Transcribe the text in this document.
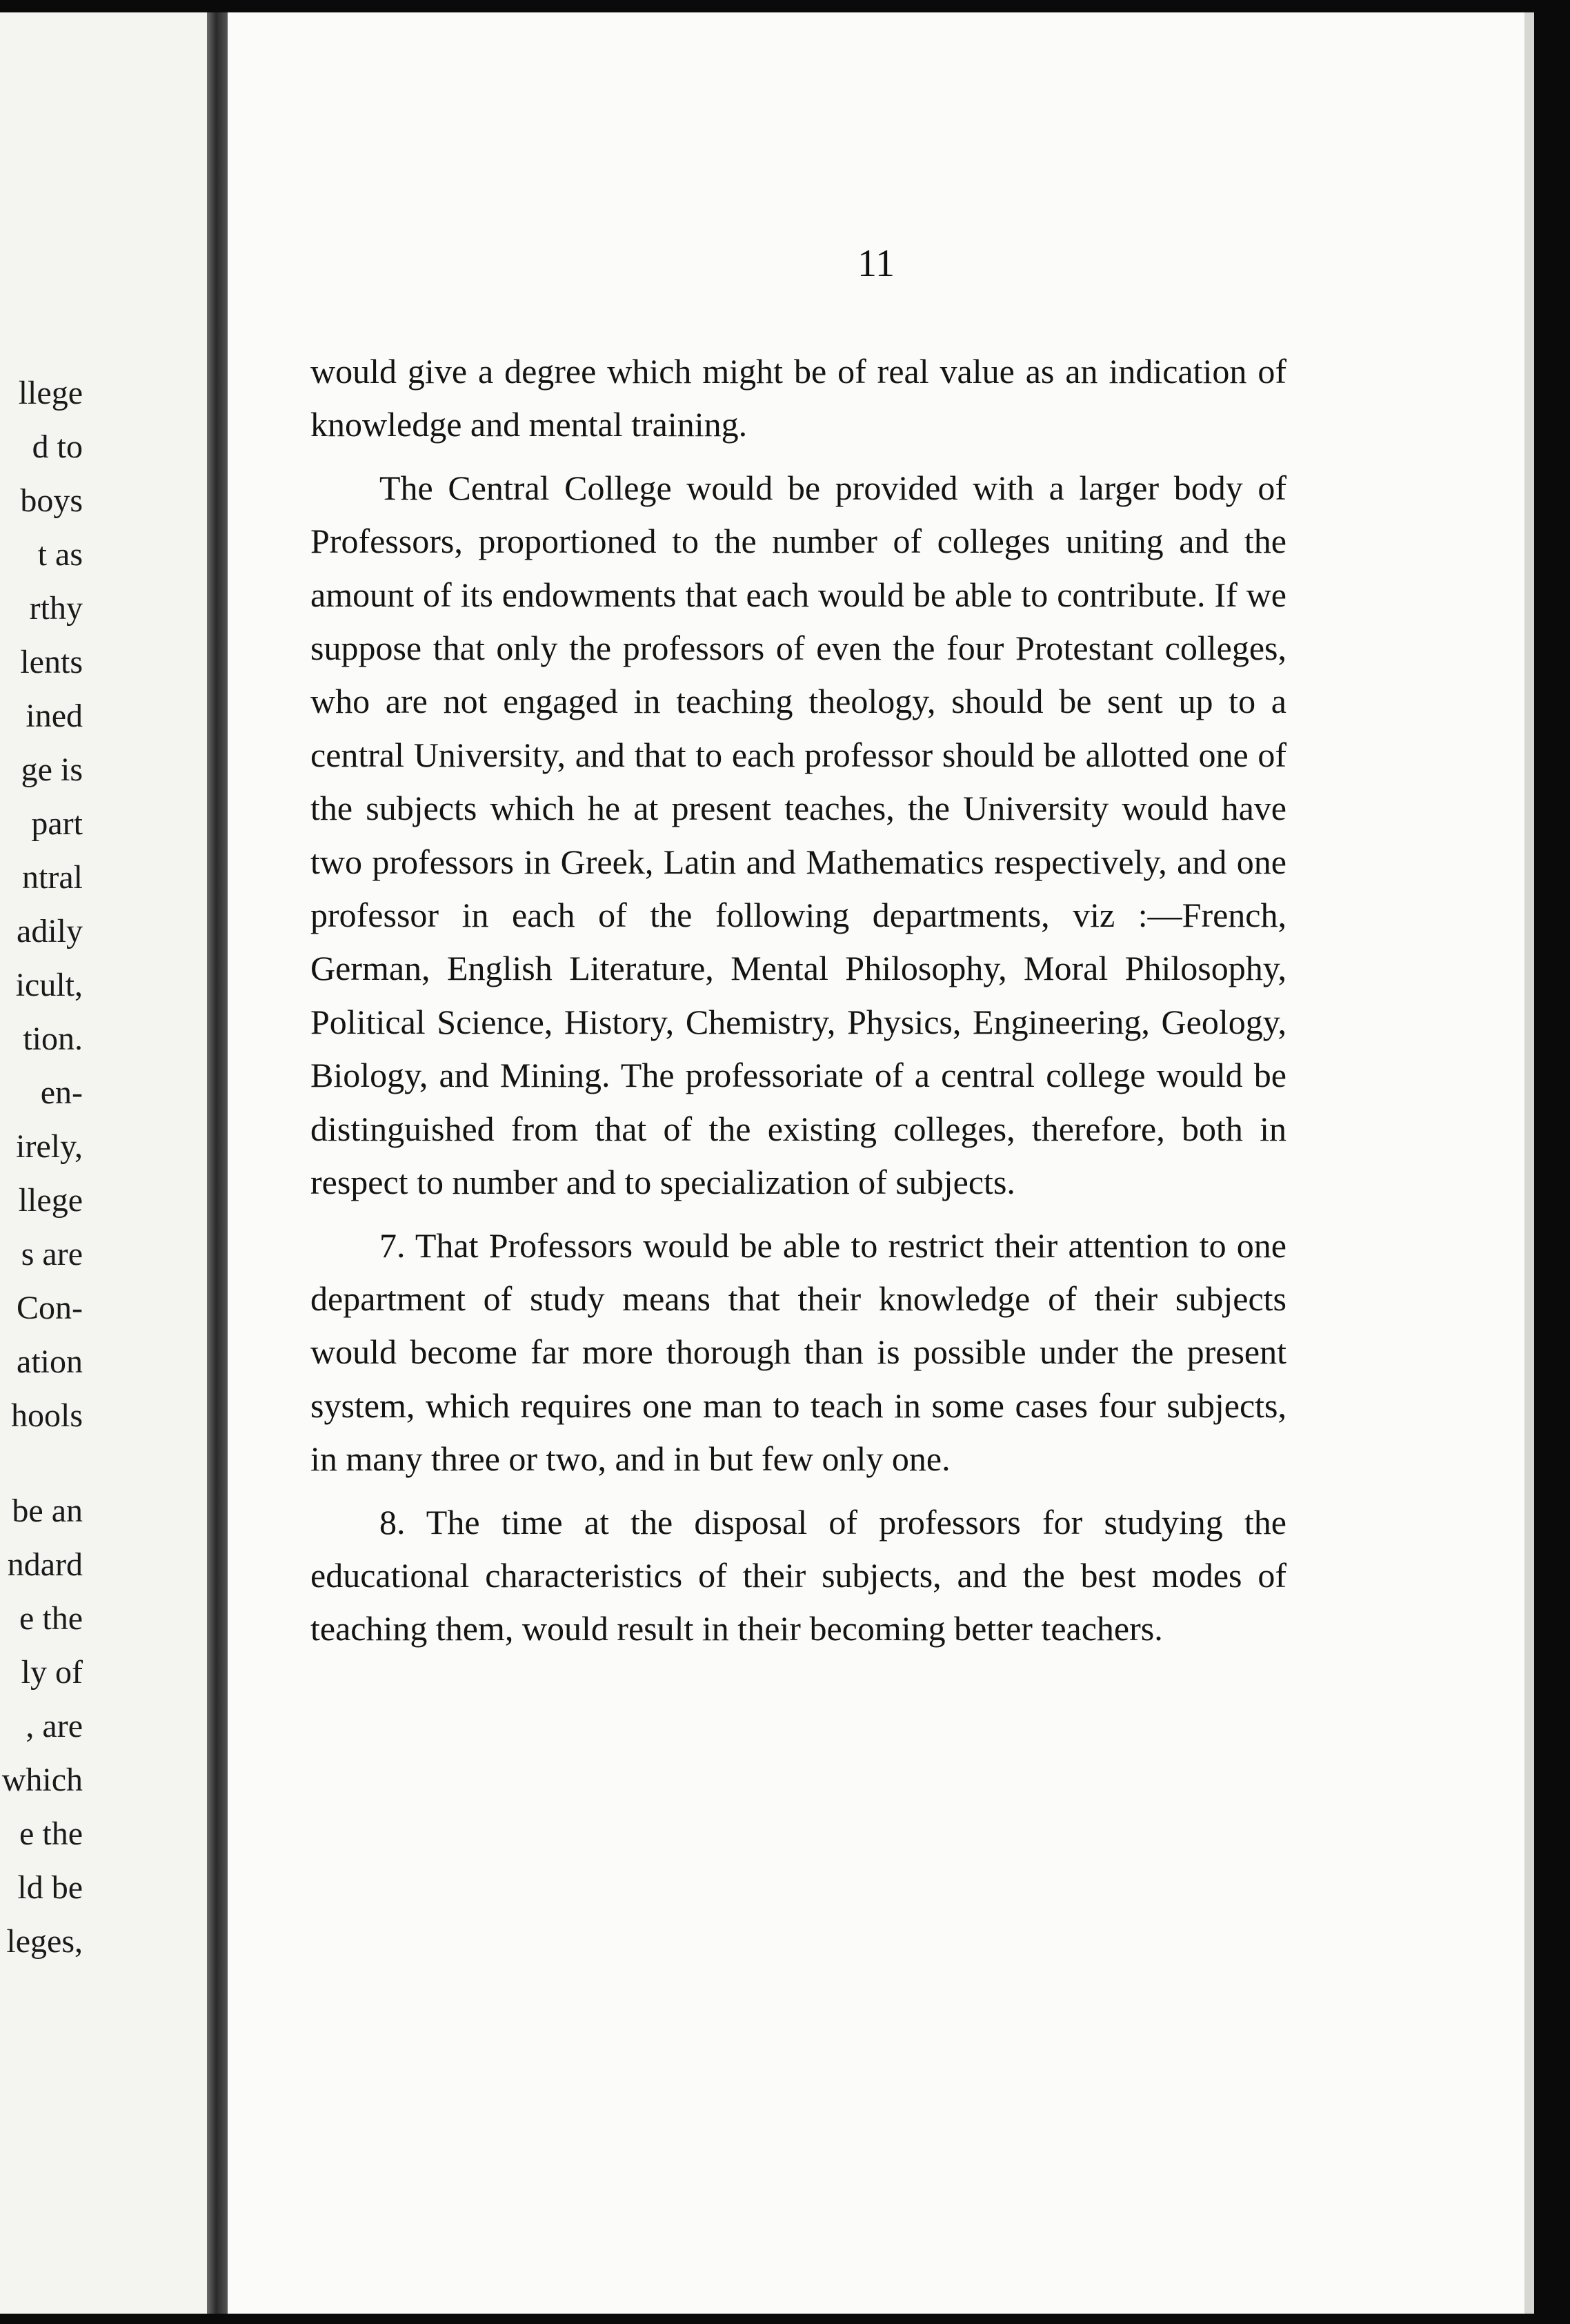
llege
d to
boys
t as
rthy
lents
ined
ge is
part
ntral
adily
icult,
tion.
en-
irely,
llege
s are
Con-
ation
hools
be an
ndard
e the
ly of
, are
which
e the
ld be
leges,
11

would give a degree which might be of real value as an indication of knowledge and mental training.

The Central College would be provided with a larger body of Professors, proportioned to the number of colleges uniting and the amount of its endowments that each would be able to contribute. If we suppose that only the professors of even the four Protestant colleges, who are not engaged in teaching theology, should be sent up to a central University, and that to each professor should be allotted one of the subjects which he at present teaches, the University would have two professors in Greek, Latin and Mathematics respectively, and one professor in each of the following departments, viz :—French, German, English Literature, Mental Philosophy, Moral Philosophy, Political Science, History, Chemistry, Physics, Engineering, Geology, Biology, and Mining. The professoriate of a central college would be distinguished from that of the existing colleges, therefore, both in respect to number and to specialization of subjects.

7. That Professors would be able to restrict their attention to one department of study means that their knowledge of their subjects would become far more thorough than is possible under the present system, which requires one man to teach in some cases four subjects, in many three or two, and in but few only one.

8. The time at the disposal of professors for studying the educational characteristics of their subjects, and the best modes of teaching them, would result in their becoming better teachers.
